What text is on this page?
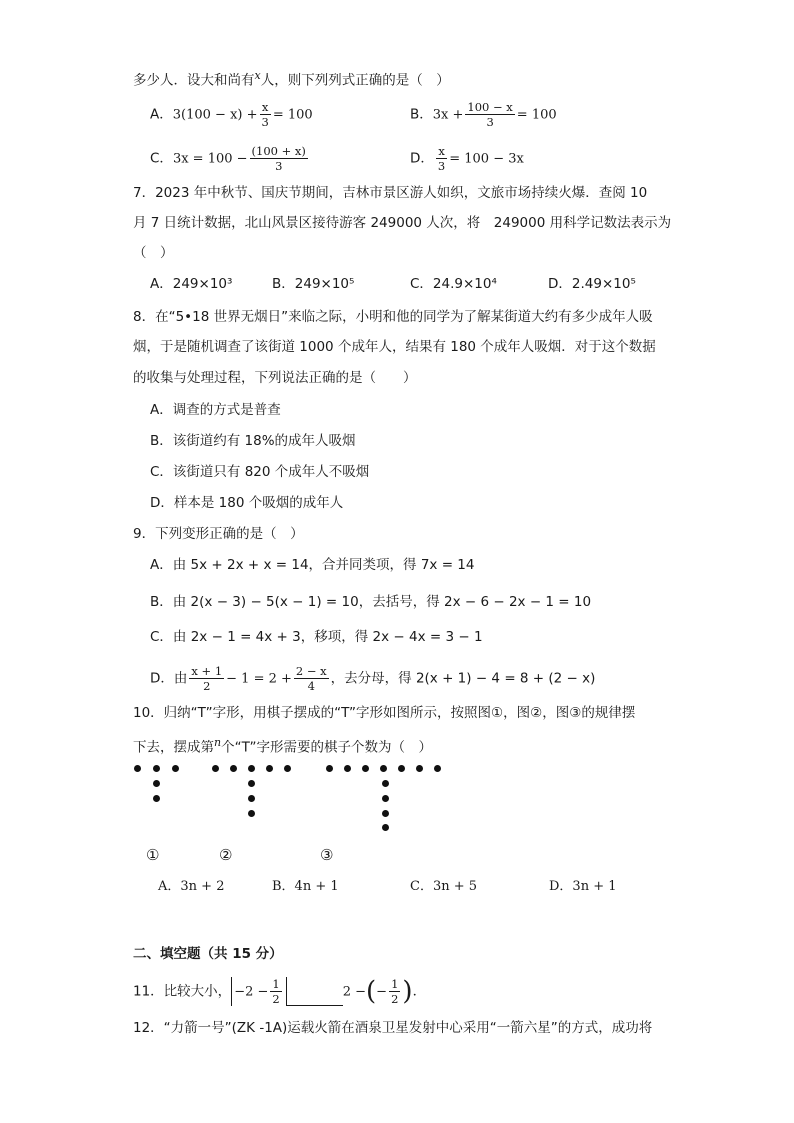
多少人．设大和尚有$^x$人，则下列列式正确的是（　）
A．$3(100 - x) + \frac{x}{3} = 100$	B．$3x + \frac{100 - x}{3} = 100$
C．$3x = 100 - \frac{(100 + x)}{3}$	D． $\frac{x}{3} = 100 - 3x$
7．2023 年中秋节、国庆节期间，吉林市景区游人如织，文旅市场持续火爆．查阅 10
月 7 日统计数据，北山风景区接待游客 249000 人次，将　249000 用科学记数法表示为
（　）
A．249×10³	B．249×10⁵	C．24.9×10⁴	D．2.49×10⁵
8．在“5•18 世界无烟日”来临之际，小明和他的同学为了解某街道大约有多少成年人吸
烟，于是随机调查了该街道 1000 个成年人，结果有 180 个成年人吸烟．对于这个数据
的收集与处理过程，下列说法正确的是（　　）
A．调查的方式是普查
B．该街道约有 18%的成年人吸烟
C．该街道只有 820 个成年人不吸烟
D．样本是 180 个吸烟的成年人
9．下列变形正确的是（　）
A．由 5x + 2x + x = 14，合并同类项，得 7x = 14
B．由 2(x − 3) − 5(x − 1) = 10，去括号，得 2x − 6 − 2x − 1 = 10
C．由 2x − 1 = 4x + 3，移项，得 2x − 4x = 3 − 1
D．由 $\frac{x + 1}{2} - 1 = 2 + \frac{2 - x}{4}$ ，去分母，得 2(x + 1) − 4 = 8 + (2 − x)
10．归纳“T”字形，用棋子摆成的“T”字形如图所示，按照图①，图②，图③的规律摆
下去，摆成第$^n$个“T”字形需要的棋子个数为（　）
①	②	③
A．3n + 2	B．4n + 1	C．3n + 5	D．3n + 1
二、填空题（共 15 分）
11．比较大小， $-2 - \frac{1}{2}$	2 −(− $\frac{1}{2}$ )．
12．“力箭一号”(ZK -1A)运载火箭在酒泉卫星发射中心采用“一箭六星”的方式，成功将
